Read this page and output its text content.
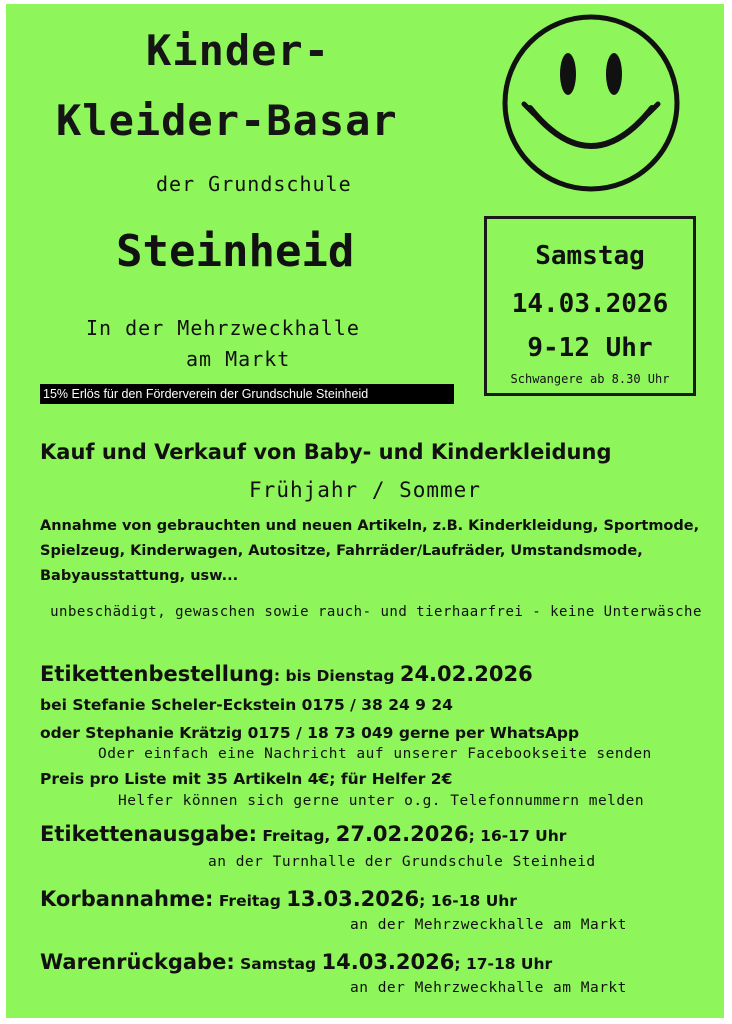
Kinder-
Kleider-Basar
der Grundschule
Steinheid
In der Mehrzweckhalle
am Markt
15% Erlös für den Förderverein der Grundschule Steinheid
Samstag
14.03.2026
9-12 Uhr
Schwangere ab 8.30 Uhr
Kauf und Verkauf von Baby- und Kinderkleidung
Frühjahr / Sommer
Annahme von gebrauchten und neuen Artikeln, z.B. Kinderkleidung, Sportmode, Spielzeug, Kinderwagen, Autositze, Fahrräder/Laufräder, Umstandsmode, Babyausstattung, usw...
unbeschädigt, gewaschen sowie rauch- und tierhaarfrei - keine Unterwäsche
Etikettenbestellung: bis Dienstag 24.02.2026
bei Stefanie Scheler-Eckstein 0175 / 38 24 9 24
oder Stephanie Krätzig 0175 / 18 73 049 gerne per WhatsApp
Oder einfach eine Nachricht auf unserer Facebookseite senden
Preis pro Liste mit 35 Artikeln 4€; für Helfer 2€
Helfer können sich gerne unter o.g. Telefonnummern melden
Etikettenausgabe: Freitag, 27.02.2026; 16-17 Uhr
an der Turnhalle der Grundschule Steinheid
Korbannahme: Freitag 13.03.2026; 16-18 Uhr
an der Mehrzweckhalle am Markt
Warenrückgabe: Samstag 14.03.2026; 17-18 Uhr
an der Mehrzweckhalle am Markt
